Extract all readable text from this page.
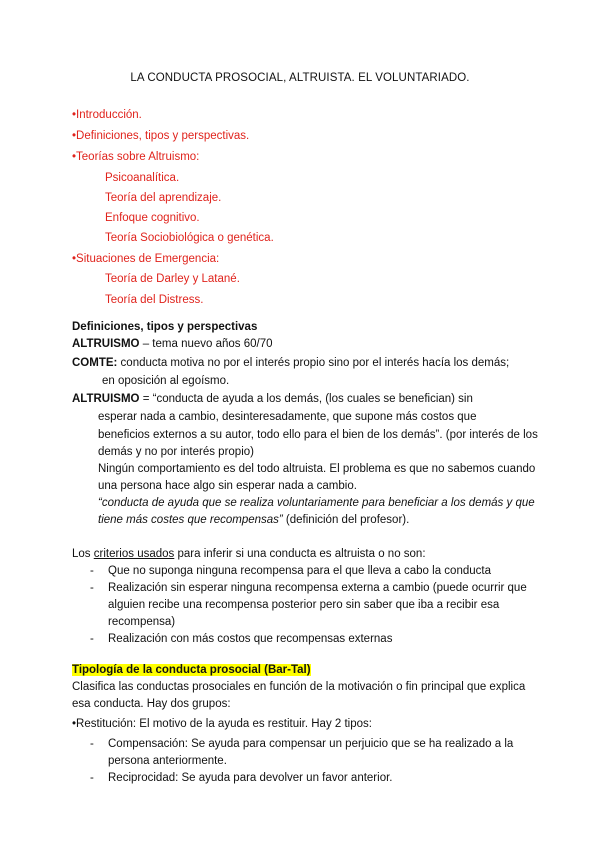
LA CONDUCTA PROSOCIAL, ALTRUISTA. EL VOLUNTARIADO.
•Introducción.
•Definiciones, tipos y perspectivas.
•Teorías sobre Altruismo:
Psicoanalítica.
Teoría del aprendizaje.
Enfoque cognitivo.
Teoría Sociobiológica o genética.
•Situaciones de Emergencia:
Teoría de Darley y Latané.
Teoría del Distress.
Definiciones, tipos y perspectivas
ALTRUISMO – tema nuevo años 60/70
COMTE: conducta motiva no por el interés propio sino por el interés hacía los demás;
en oposición al egoísmo.
ALTRUISMO = “conducta de ayuda a los demás, (los cuales se benefician) sin
esperar nada a cambio, desinteresadamente, que supone más costos que
beneficios externos a su autor, todo ello para el bien de los demás”. (por interés de los
demás y no por interés propio)
Ningún comportamiento es del todo altruista. El problema es que no sabemos cuando
una persona hace algo sin esperar nada a cambio.
“conducta de ayuda que se realiza voluntariamente para beneficiar a los demás y que
tiene más costes que recompensas” (definición del profesor).
Los criterios usados para inferir si una conducta es altruista o no son:
- Que no suponga ninguna recompensa para el que lleva a cabo la conducta
- Realización sin esperar ninguna recompensa externa a cambio (puede ocurrir que
alguien recibe una recompensa posterior pero sin saber que iba a recibir esa
recompensa)
- Realización con más costos que recompensas externas
Tipología de la conducta prosocial (Bar-Tal)
Clasifica las conductas prosociales en función de la motivación o fin principal que explica
esa conducta. Hay dos grupos:
•Restitución: El motivo de la ayuda es restituir. Hay 2 tipos:
- Compensación: Se ayuda para compensar un perjuicio que se ha realizado a la
persona anteriormente.
- Reciprocidad: Se ayuda para devolver un favor anterior.
